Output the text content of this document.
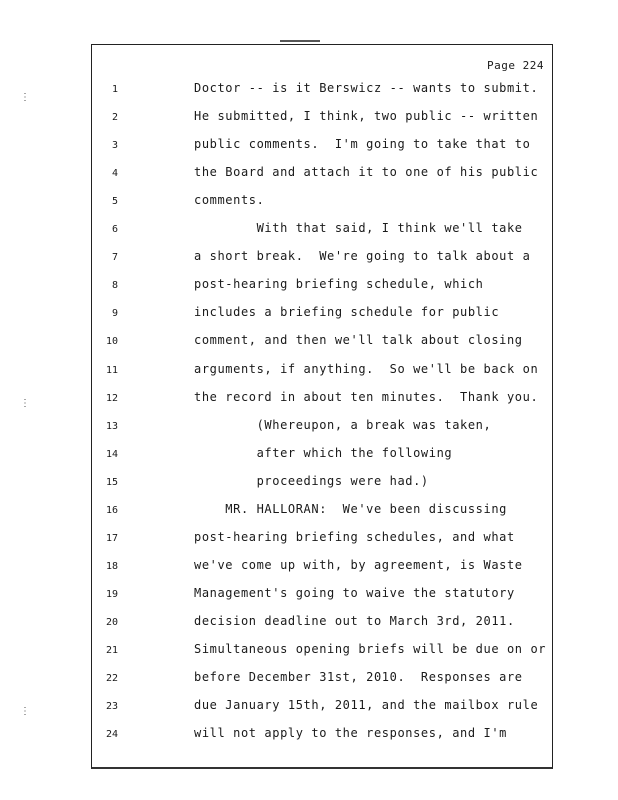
⋮
⋮
⋮
Page 224
1	Doctor -- is it Berswicz -- wants to submit.
2	He submitted, I think, two public -- written
3	public comments.  I'm going to take that to
4	the Board and attach it to one of his public
5	comments.
6	With that said, I think we'll take
7	a short break.  We're going to talk about a
8	post-hearing briefing schedule, which
9	includes a briefing schedule for public
10	comment, and then we'll talk about closing
11	arguments, if anything.  So we'll be back on
12	the record in about ten minutes.  Thank you.
13	(Whereupon, a break was taken,
14	after which the following
15	proceedings were had.)
16	MR. HALLORAN:  We've been discussing
17	post-hearing briefing schedules, and what
18	we've come up with, by agreement, is Waste
19	Management's going to waive the statutory
20	decision deadline out to March 3rd, 2011.
21	Simultaneous opening briefs will be due on or
22	before December 31st, 2010.  Responses are
23	due January 15th, 2011, and the mailbox rule
24	will not apply to the responses, and I'm
